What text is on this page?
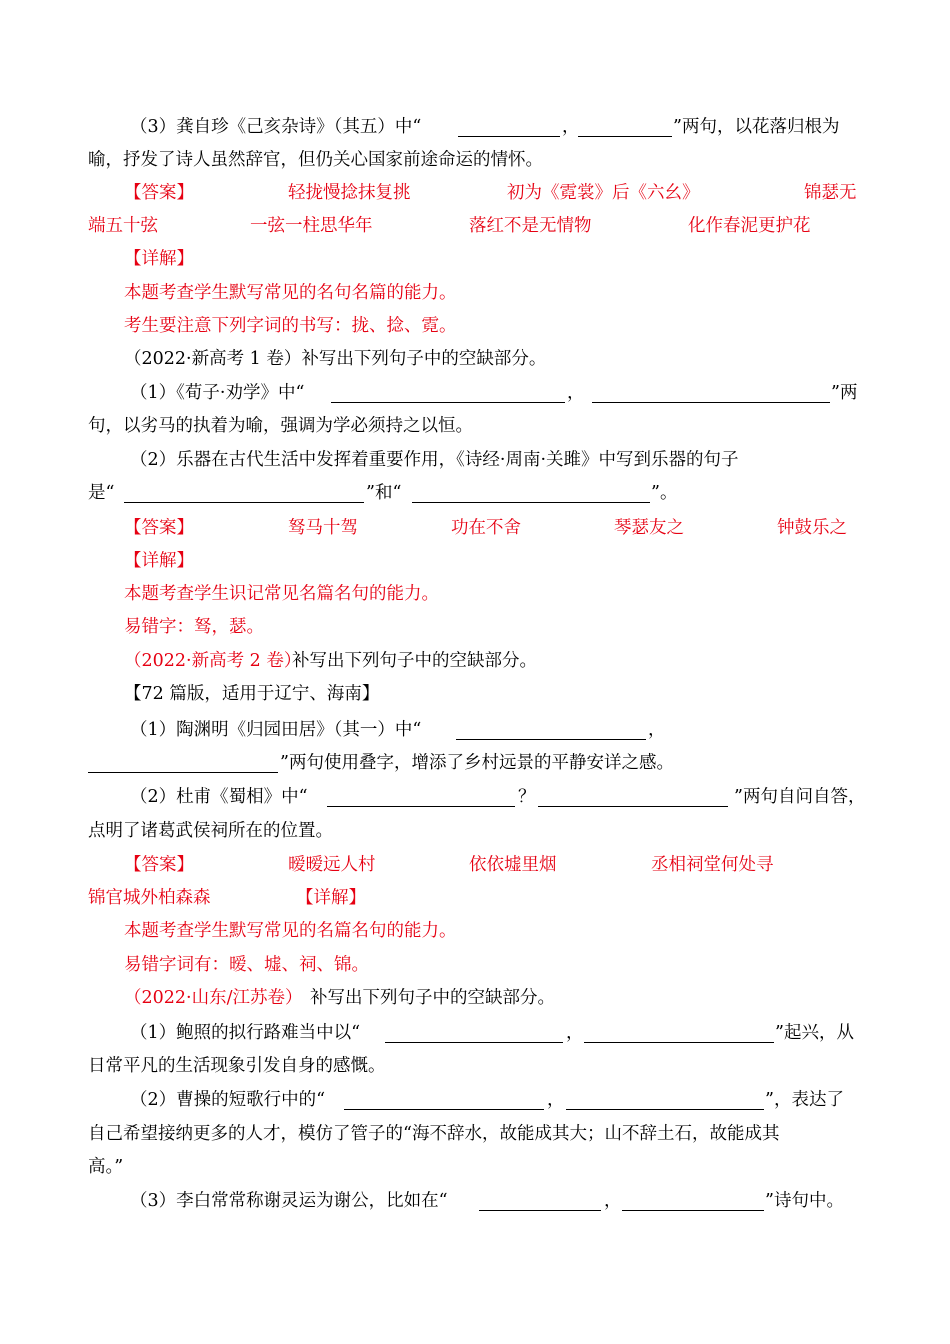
（3）龚自珍《己亥杂诗》（其五）中“	，	”两句，以花落归根为
喻，抒发了诗人虽然辞官，但仍关心国家前途命运的情怀。
【答案】	轻拢慢捻抹复挑	初为《霓裳》后《六幺》	锦瑟无
端五十弦	一弦一柱思华年	落红不是无情物	化作春泥更护花
【详解】
本题考查学生默写常见的名句名篇的能力。
考生要注意下列字词的书写：拢、捻、霓。
（2022·新高考 1 卷）补写出下列句子中的空缺部分。
（1）《荀子·劝学》中“	，	”两
句，以劣马的执着为喻，强调为学必须持之以恒。
（2）乐器在古代生活中发挥着重要作用，《诗经·周南·关雎》中写到乐器的句子
是“	”和“	”。
【答案】	驽马十驾	功在不舍	琴瑟友之	钟鼓乐之
【详解】
本题考查学生识记常见名篇名句的能力。
易错字：驽，瑟。
（2022·新高考 2 卷）
补写出下列句子中的空缺部分。
【72 篇版，适用于辽宁、海南】
（1）陶渊明《归园田居》（其一）中“	，
”两句使用叠字，增添了乡村远景的平静安详之感。
（2）杜甫《蜀相》中“	？	”两句自问自答，
点明了诸葛武侯祠所在的位置。
【答案】	暧暧远人村	依依墟里烟	丞相祠堂何处寻
锦官城外柏森森	【详解】
本题考查学生默写常见的名篇名句的能力。
易错字词有：暧、墟、祠、锦。
（2022·山东/江苏卷） 补写出下列句子中的空缺部分。
（1）鲍照的拟行路难当中以“	，	”起兴，从
日常平凡的生活现象引发自身的感慨。
（2）曹操的短歌行中的“	，	”，表达了
自己希望接纳更多的人才，模仿了管子的“海不辞水，故能成其大；山不辞土石，故能成其
高。”
（3）李白常常称谢灵运为谢公，比如在“	，	”诗句中。
